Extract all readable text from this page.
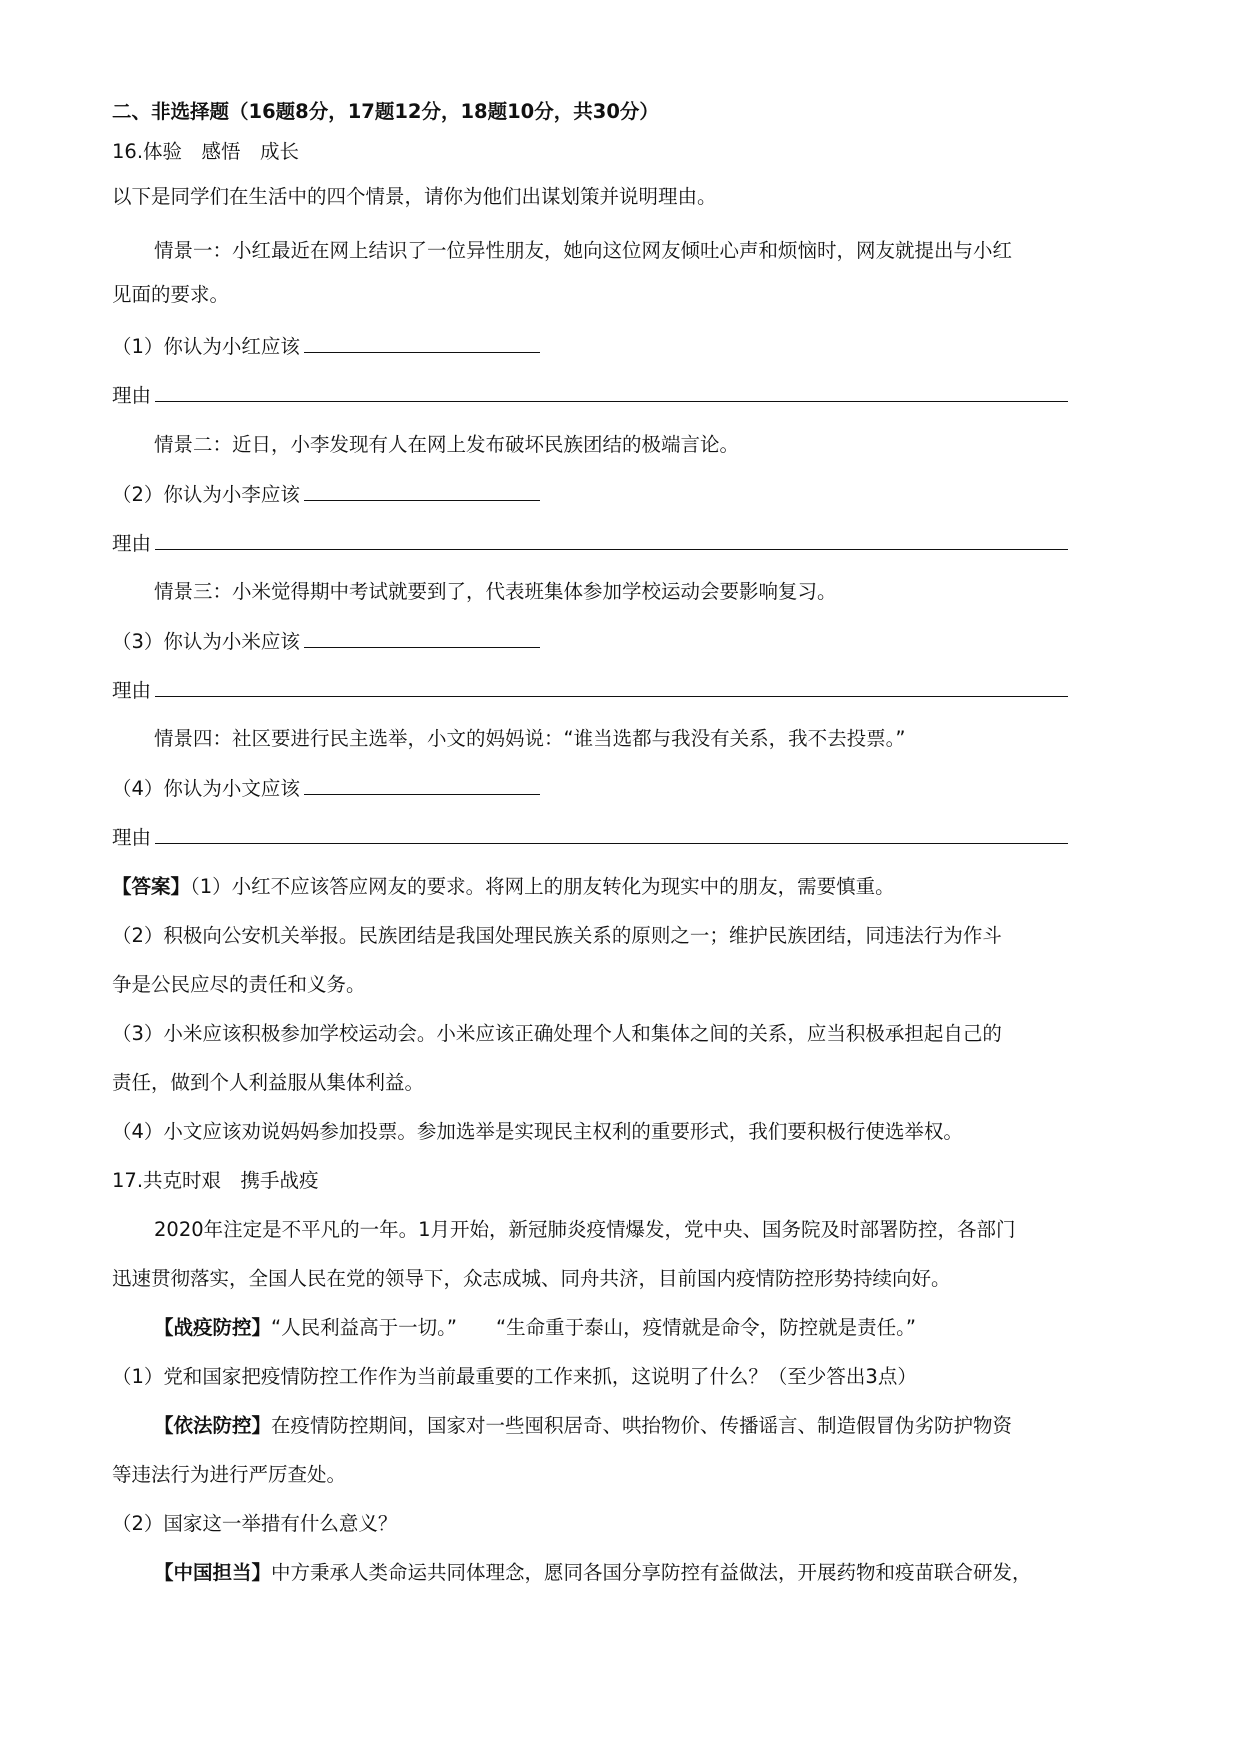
二、非选择题（16题8分，17题12分，18题10分，共30分）
16.体验　感悟　成长
以下是同学们在生活中的四个情景，请你为他们出谋划策并说明理由。
情景一：小红最近在网上结识了一位异性朋友，她向这位网友倾吐心声和烦恼时，网友就提出与小红
见面的要求。
（1）你认为小红应该
理由
情景二：近日，小李发现有人在网上发布破坏民族团结的极端言论。
（2）你认为小李应该
理由
情景三：小米觉得期中考试就要到了，代表班集体参加学校运动会要影响复习。
（3）你认为小米应该
理由
情景四：社区要进行民主选举，小文的妈妈说：“谁当选都与我没有关系，我不去投票。”
（4）你认为小文应该
理由
【答案】（1）小红不应该答应网友的要求。将网上的朋友转化为现实中的朋友，需要慎重。
（2）积极向公安机关举报。民族团结是我国处理民族关系的原则之一；维护民族团结，同违法行为作斗
争是公民应尽的责任和义务。
（3）小米应该积极参加学校运动会。小米应该正确处理个人和集体之间的关系，应当积极承担起自己的
责任，做到个人利益服从集体利益。
（4）小文应该劝说妈妈参加投票。参加选举是实现民主权利的重要形式，我们要积极行使选举权。
17.共克时艰　携手战疫
2020年注定是不平凡的一年。1月开始，新冠肺炎疫情爆发，党中央、国务院及时部署防控，各部门
迅速贯彻落实，全国人民在党的领导下，众志成城、同舟共济，目前国内疫情防控形势持续向好。
【战疫防控】“人民利益高于一切。”　　“生命重于泰山，疫情就是命令，防控就是责任。”
（1）党和国家把疫情防控工作作为当前最重要的工作来抓，这说明了什么？（至少答出3点）
【依法防控】在疫情防控期间，国家对一些囤积居奇、哄抬物价、传播谣言、制造假冒伪劣防护物资
等违法行为进行严厉查处。
（2）国家这一举措有什么意义？
【中国担当】中方秉承人类命运共同体理念，愿同各国分享防控有益做法，开展药物和疫苗联合研发，
